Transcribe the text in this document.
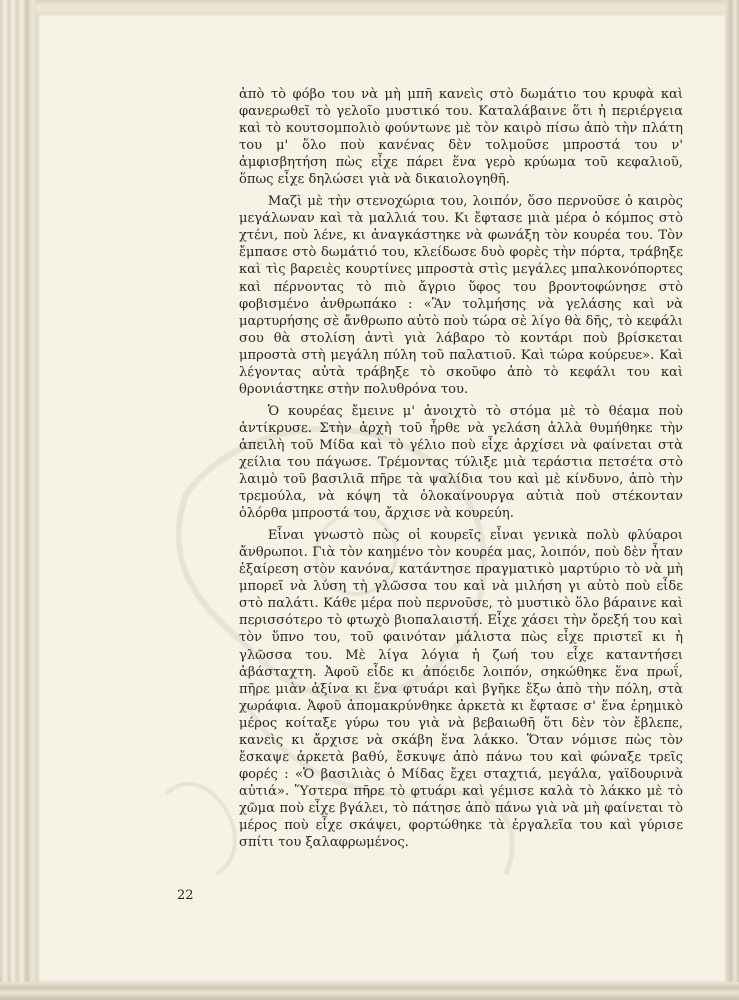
ἀπὸ τὸ φόβο του νὰ μὴ μπῆ κανεὶς στὸ δωμάτιο του κρυφὰ καὶ φανερωθεῖ τὸ γελοῖο μυστικό του. Καταλάβαινε ὅτι ἡ περιέργεια καὶ τὸ κουτσομπολιὸ φούντωνε μὲ τὸν καιρὸ πίσω ἀπὸ τὴν πλάτη του μ' ὅλο ποὺ κανένας δὲν τολμοῦσε μπροστά του ν' ἀμφισβητήση πὼς εἶχε πάρει ἕνα γερὸ κρύωμα τοῦ κεφαλιοῦ, ὅπως εἶχε δηλώσει γιὰ νὰ δικαιολογηθῆ.

Μαζὶ μὲ τὴν στενοχώρια του, λοιπόν, ὅσο περνοῦσε ὁ καιρὸς μεγάλωναν καὶ τὰ μαλλιά του. Κι ἔφτασε μιὰ μέρα ὁ κόμπος στὸ χτένι, ποὺ λένε, κι ἀναγκάστηκε νὰ φωνάξη τὸν κουρέα του. Τὸν ἔμπασε στὸ δωμάτιό του, κλείδωσε δυὸ φορὲς τὴν πόρτα, τράβηξε καὶ τὶς βαρειὲς κουρτίνες μπροστὰ στὶς μεγάλες μπαλκονόπορτες καὶ πέρνοντας τὸ πιὸ ἄγριο ὕφος του βροντοφώνησε στὸ φοβισμένο ἀνθρωπάκο : «Ἂν τολμήσης νὰ γελάσης καὶ νὰ μαρτυρήσης σὲ ἄνθρωπο αὐτὸ ποὺ τώρα σὲ λίγο θὰ δῆς, τὸ κεφάλι σου θὰ στολίση ἀντὶ γιὰ λάβαρο τὸ κοντάρι ποὺ βρίσκεται μπροστὰ στὴ μεγάλη πύλη τοῦ παλατιοῦ. Καὶ τώρα κούρευε». Καὶ λέγοντας αὐτὰ τράβηξε τὸ σκοῦφο ἀπὸ τὸ κεφάλι του καὶ θρονιάστηκε στὴν πολυθρόνα του.

Ὁ κουρέας ἔμεινε μ' ἀνοιχτὸ τὸ στόμα μὲ τὸ θέαμα ποὺ ἀντίκρυσε. Στὴν ἀρχὴ τοῦ ἦρθε νὰ γελάση ἀλλὰ θυμήθηκε τὴν ἀπειλὴ τοῦ Μίδα καὶ τὸ γέλιο ποὺ εἶχε ἀρχίσει νὰ φαίνεται στὰ χείλια του πάγωσε. Τρέμοντας τύλιξε μιὰ τεράστια πετσέτα στὸ λαιμὸ τοῦ βασιλιᾶ πῆρε τὰ ψαλίδια του καὶ μὲ κίνδυνο, ἀπὸ τὴν τρεμούλα, νὰ κόψη τὰ ὁλοκαίνουργα αὐτιὰ ποὺ στέκονταν ὁλόρθα μπροστά του, ἄρχισε νὰ κουρεύη.

Εἶναι γνωστὸ πὼς οἱ κουρεῖς εἶναι γενικὰ πολὺ φλύαροι ἄνθρωποι. Γιὰ τὸν καημένο τὸν κουρέα μας, λοιπόν, ποὺ δὲν ἦταν ἐξαίρεση στὸν κανόνα, κατάντησε πραγματικὸ μαρτύριο τὸ νὰ μὴ μπορεῖ νὰ λύση τὴ γλῶσσα του καὶ νὰ μιλήση γι αὐτὸ ποὺ εἶδε στὸ παλάτι. Κάθε μέρα ποὺ περνοῦσε, τὸ μυστικὸ ὅλο βάραινε καὶ περισσότερο τὸ φτωχὸ βιοπαλαιστή. Εἶχε χάσει τὴν ὄρεξή του καὶ τὸν ὕπνο του, τοῦ φαινόταν μάλιστα πὼς εἶχε πριστεῖ κι ἡ γλῶσσα του. Μὲ λίγα λόγια ἡ ζωή του εἶχε καταντήσει ἀβάσταχτη. Ἀφοῦ εἶδε κι ἀπόειδε λοιπόν, σηκώθηκε ἕνα πρωΐ, πῆρε μιὰν ἀξίνα κι ἕνα φτυάρι καὶ βγῆκε ἔξω ἀπὸ τὴν πόλη, στὰ χωράφια. Ἀφοῦ ἀπομακρύνθηκε ἀρκετὰ κι ἔφτασε σ' ἕνα ἐρημικὸ μέρος κοίταξε γύρω του γιὰ νὰ βεβαιωθῆ ὅτι δὲν τὸν ἔβλεπε, κανεὶς κι ἄρχισε νὰ σκάβη ἕνα λάκκο. Ὅταν νόμισε πὼς τὸν ἔσκαψε ἀρκετὰ βαθύ, ἔσκυψε ἀπὸ πάνω του καὶ φώναξε τρεῖς φορές : «Ὁ βασιλιὰς ὁ Μίδας ἔχει σταχτιά, μεγάλα, γαϊδουρινὰ αὐτιά». Ὕστερα πῆρε τὸ φτυάρι καὶ γέμισε καλὰ τὸ λάκκο μὲ τὸ χῶμα ποὺ εἶχε βγάλει, τὸ πάτησε ἀπὸ πάνω γιὰ νὰ μὴ φαίνεται τὸ μέρος ποὺ εἶχε σκάψει, φορτώθηκε τὰ ἐργαλεῖα του καὶ γύρισε σπίτι του ξαλαφρωμένος.

22
